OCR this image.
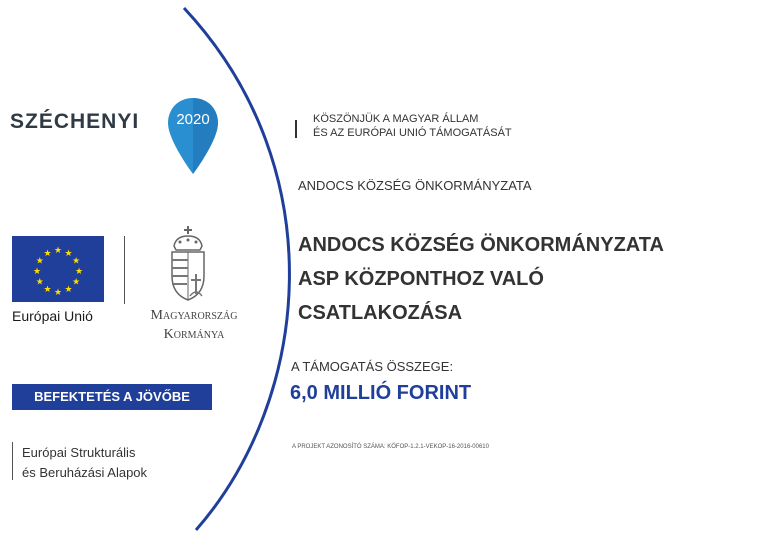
SZÉCHENYI	2020
★ ★
★
★
★
★
★
★
★
★
★
★
Európai Unió	Magyarország
Kormánya
BEFEKTETÉS A JÖVŐBE
Európai Strukturális
és Beruházási Alapok
KÖSZÖNJÜK A MAGYAR ÁLLAM
ÉS AZ EURÓPAI UNIÓ TÁMOGATÁSÁT
ANDOCS KÖZSÉG ÖNKORMÁNYZATA
ANDOCS KÖZSÉG ÖNKORMÁNYZATA
ASP KÖZPONTHOZ VALÓ
CSATLAKOZÁSA
A TÁMOGATÁS ÖSSZEGE:
6,0 MILLIÓ FORINT
A PROJEKT AZONOSÍTÓ SZÁMA: KÖFOP-1.2.1-VEKOP-16-2016-00610
